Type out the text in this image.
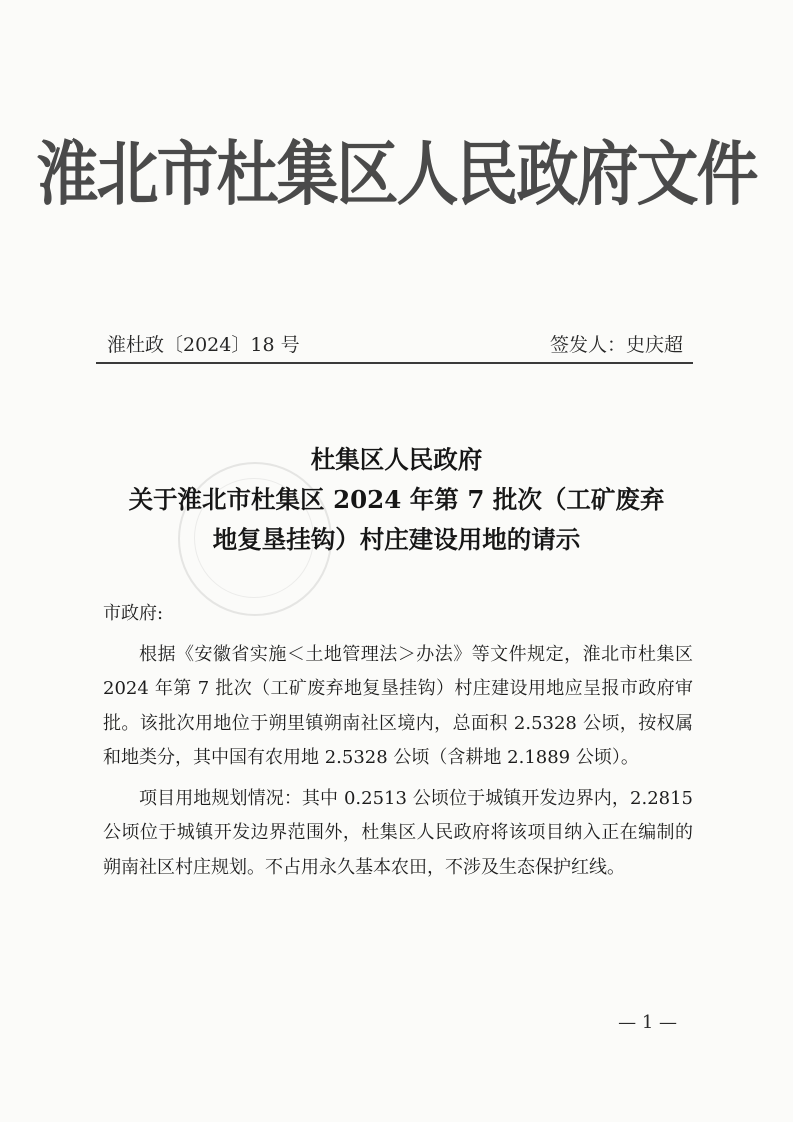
淮北市杜集区人民政府文件
淮杜政〔2024〕18 号	签发人：史庆超
杜集区人民政府
关于淮北市杜集区 2024 年第 7 批次（工矿废弃
地复垦挂钩）村庄建设用地的请示

市政府:

根据《安徽省实施＜土地管理法＞办法》等文件规定，淮北市杜集区 2024 年第 7 批次（工矿废弃地复垦挂钩）村庄建设用地应呈报市政府审批。该批次用地位于朔里镇朔南社区境内，总面积 2.5328 公顷，按权属和地类分，其中国有农用地 2.5328 公顷（含耕地 2.1889 公顷）。

项目用地规划情况：其中 0.2513 公顷位于城镇开发边界内，2.2815 公顷位于城镇开发边界范围外，杜集区人民政府将该项目纳入正在编制的朔南社区村庄规划。不占用永久基本农田，不涉及生态保护红线。

— 1 —
